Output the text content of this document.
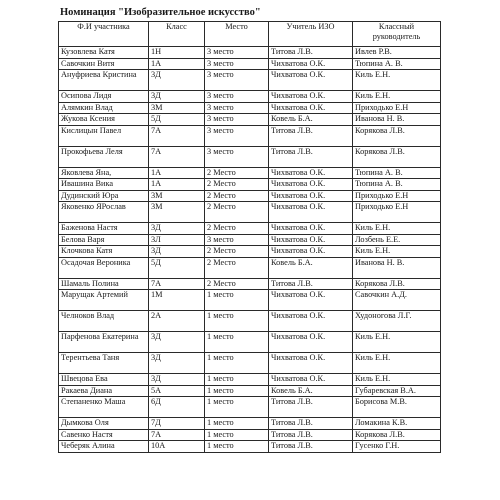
Номинация "Изобразительное искусство"
Ф.И участника	Класс	Место	Учитель ИЗО	Классный руководитель
Кузовлева Катя	1Н	3 место	Титова Л.В.	Ивлев Р.В.
Савочкин Витя	1А	3 место	Чихватова О.К.	Тюпина А. В.
Ануфриева Кристина	3Д	3 место	Чихватова О.К.	Киль Е.Н.
Осипова Лидя	3Д	3 место	Чихватова О.К.	Киль Е.Н.
Алямкин Влад	3М	3 место	Чихватова О.К.	Приходько Е.Н
Жукова Ксения	5Д	3 место	Ковель Б.А.	Иванова Н. В.
Кислицын Павел	7А	3 место	Титова Л.В.	Корякова Л.В.
Прокофьева Леля	7А	3 место	Титова Л.В.	Корякова Л.В.
Яковлева Яна,	1А	2 Место	Чихватова О.К.	Тюпина А. В.
Ивашина Вика	1А	2 Место	Чихватова О.К.	Тюпина А. В.
Дудинский Юра	3М	2 Место	Чихватова О.К.	Приходько Е.Н
Яковенко ЯРослав	3М	2 Место	Чихватова О.К.	Приходько Е.Н
Баженова Настя	3Д	2 Место	Чихватова О.К.	Киль Е.Н.
Белова Варя	3Л	3 место	Чихватова О.К.	Лозбень Е.Е.
Клочкова Катя	3Д	2 Место	Чихватова О.К.	Киль Е.Н.
Осадочая Вероника	5Д	2 Место	Ковель Б.А.	Иванова Н. В.
Шамаль Полина	7А	2 Место	Титова Л.В.	Корякова Л.В.
Марущак Артемий	1М	1 место	Чихватова О.К.	Савочкин А.Д.
Челноков Влад	2А	1 место	Чихватова О.К.	Худоногова Л.Г.
Парфенова Екатерина	3Д	1 место	Чихватова О.К.	Киль Е.Н.
Терентьева Таня	3Д	1 место	Чихватова О.К.	Киль Е.Н.
Швецова Ева	3Д	1 место	Чихватова О.К.	Киль Е.Н.
Ракаева Диана	5А	1 место	Ковель Б.А.	Губаревская В.А.
Степаненко Маша	6Д	1 место	Титова Л.В.	Борисова М.В.
Дымкова Оля	7Д	1 место	Титова Л.В.	Ломакина К.В.
Савенко Настя	7А	1 место	Титова Л.В.	Корякова Л.В.
Чеберяк Алина	10А	1 место	Титова Л.В.	Гусенко Г.Н.
